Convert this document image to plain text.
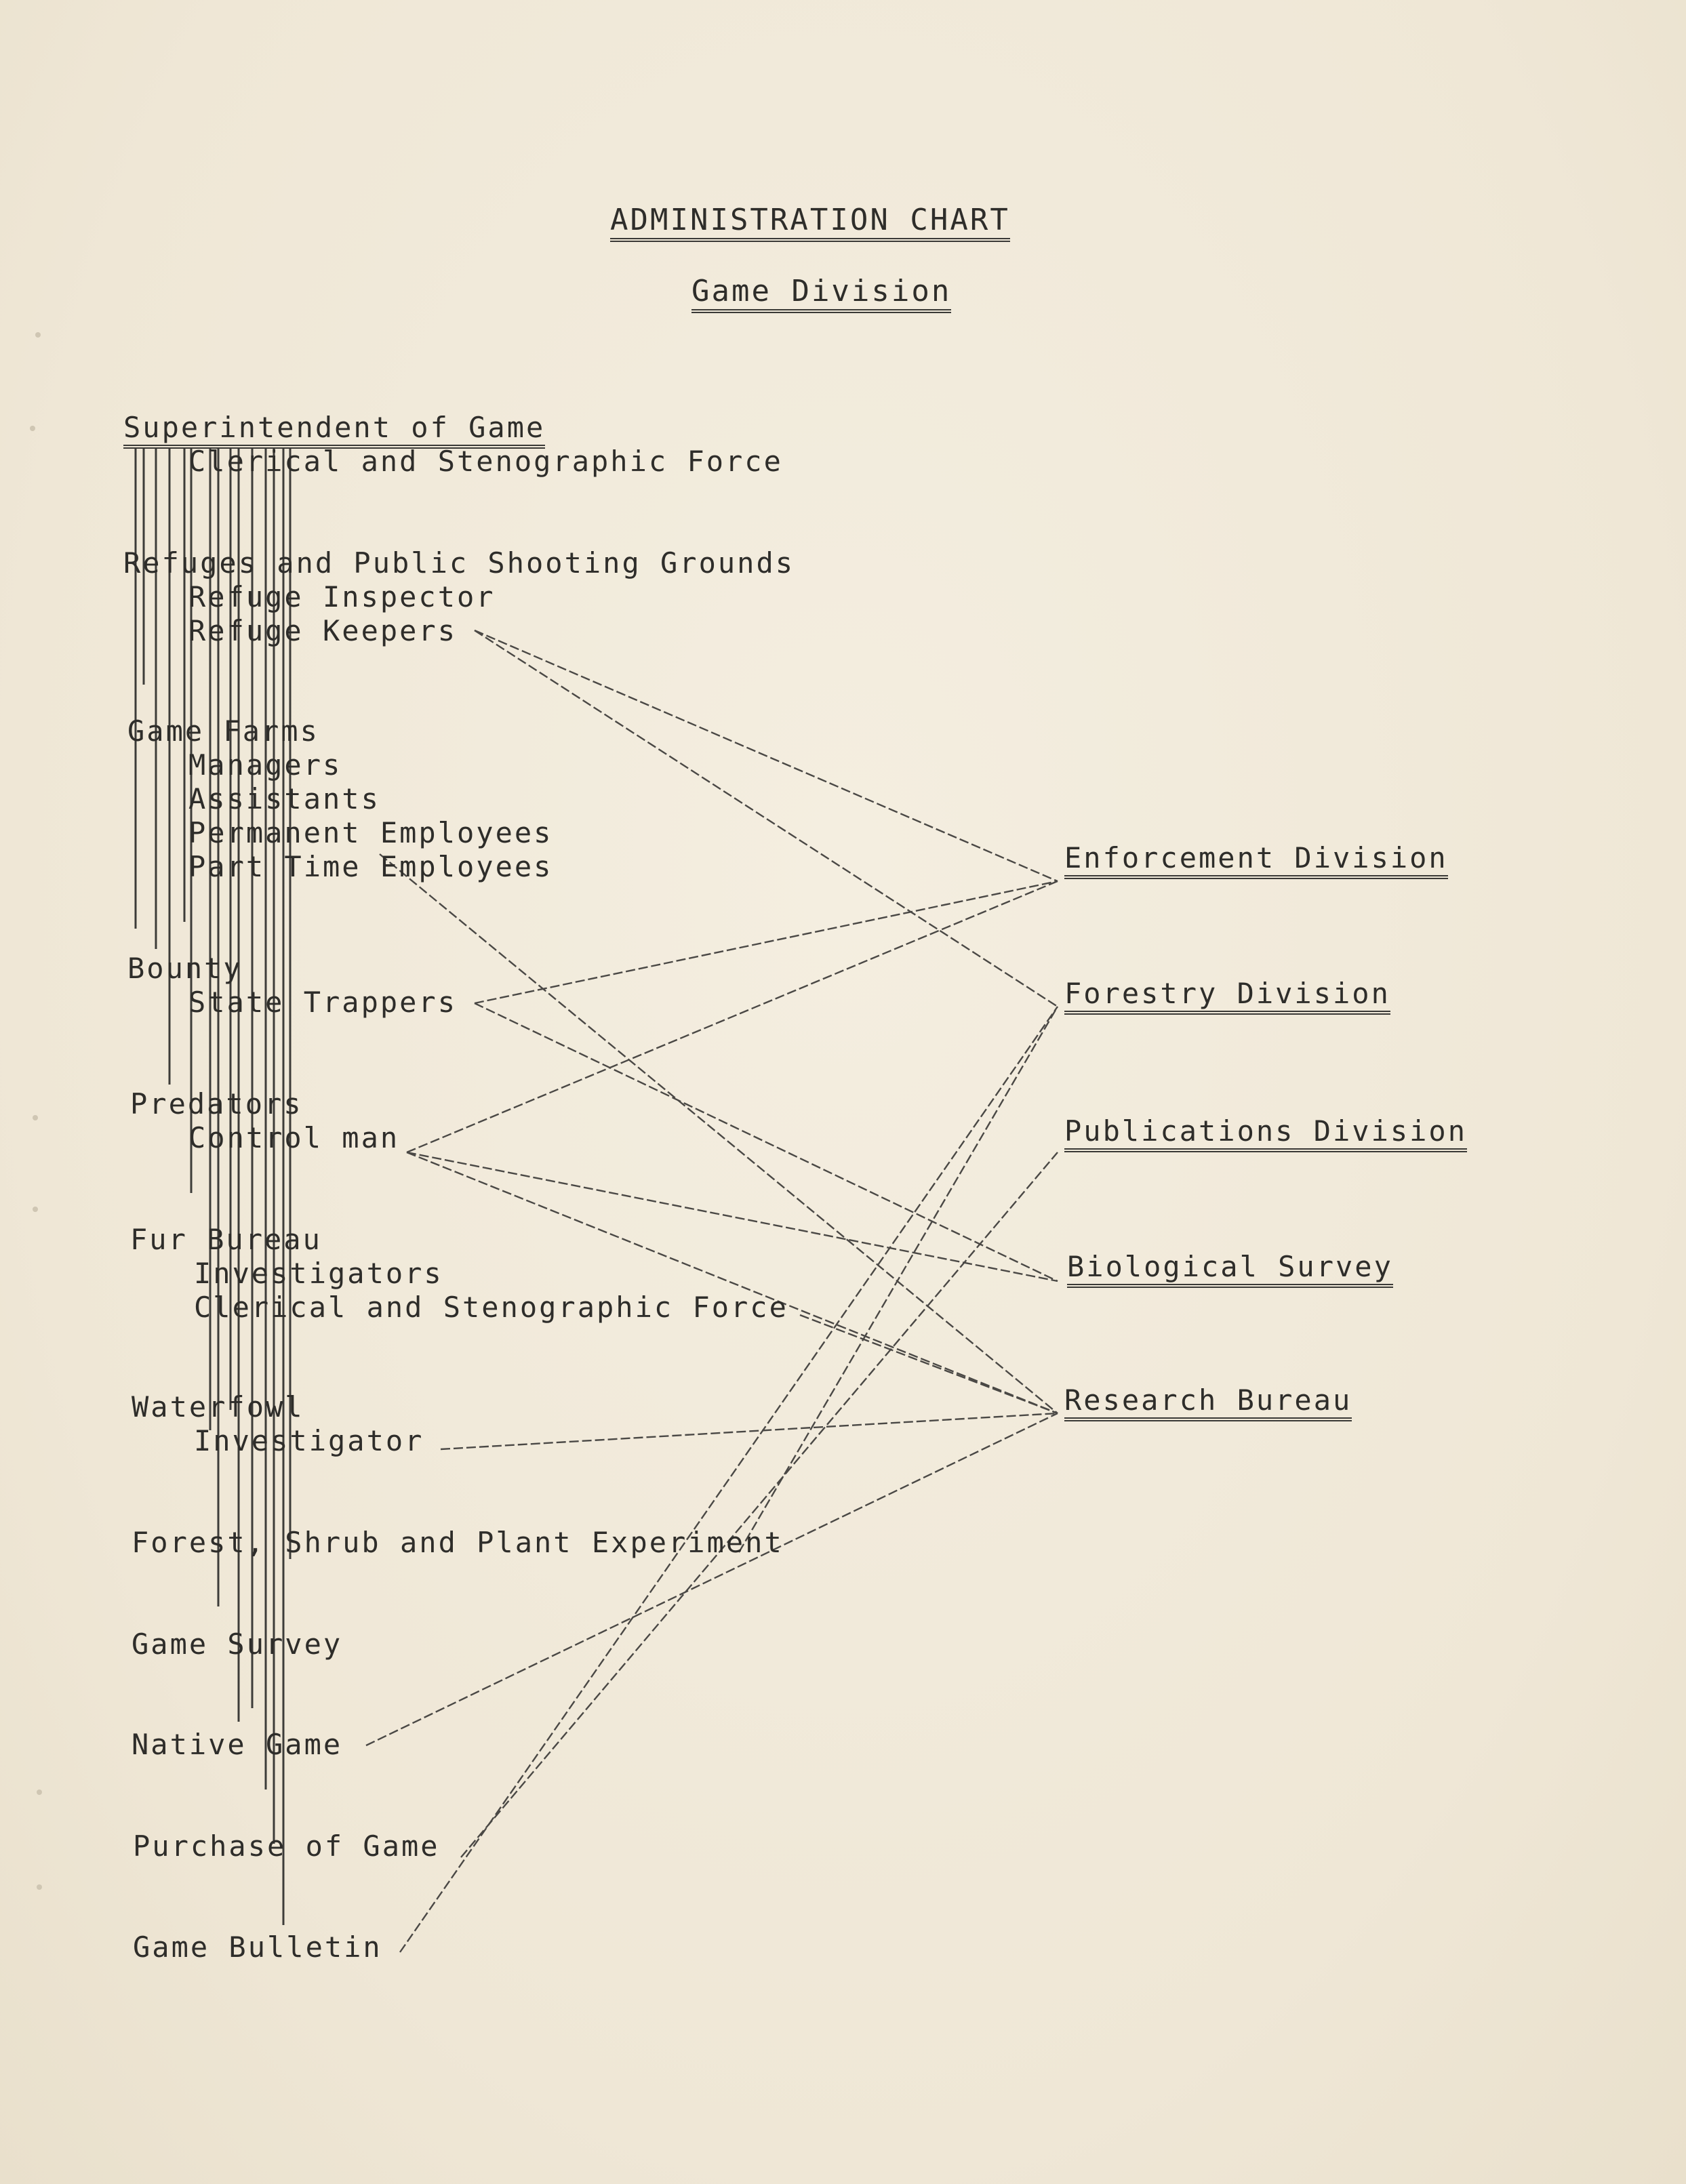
ADMINISTRATION CHART
Game Division
Superintendent of Game
Clerical and Stenographic Force
Refuges and Public Shooting Grounds
Refuge Inspector
Refuge Keepers
Game Farms
Managers
Assistants
Permanent Employees
Part Time Employees
Bounty
State Trappers
Predators
Control man
Fur Bureau
Investigators
Clerical and Stenographic Force
Waterfowl
Investigator
Forest, Shrub and Plant Experiment
Game Survey
Native Game
Purchase of Game
Game Bulletin
Enforcement Division
Forestry Division
Publications Division
Biological Survey
Research Bureau
